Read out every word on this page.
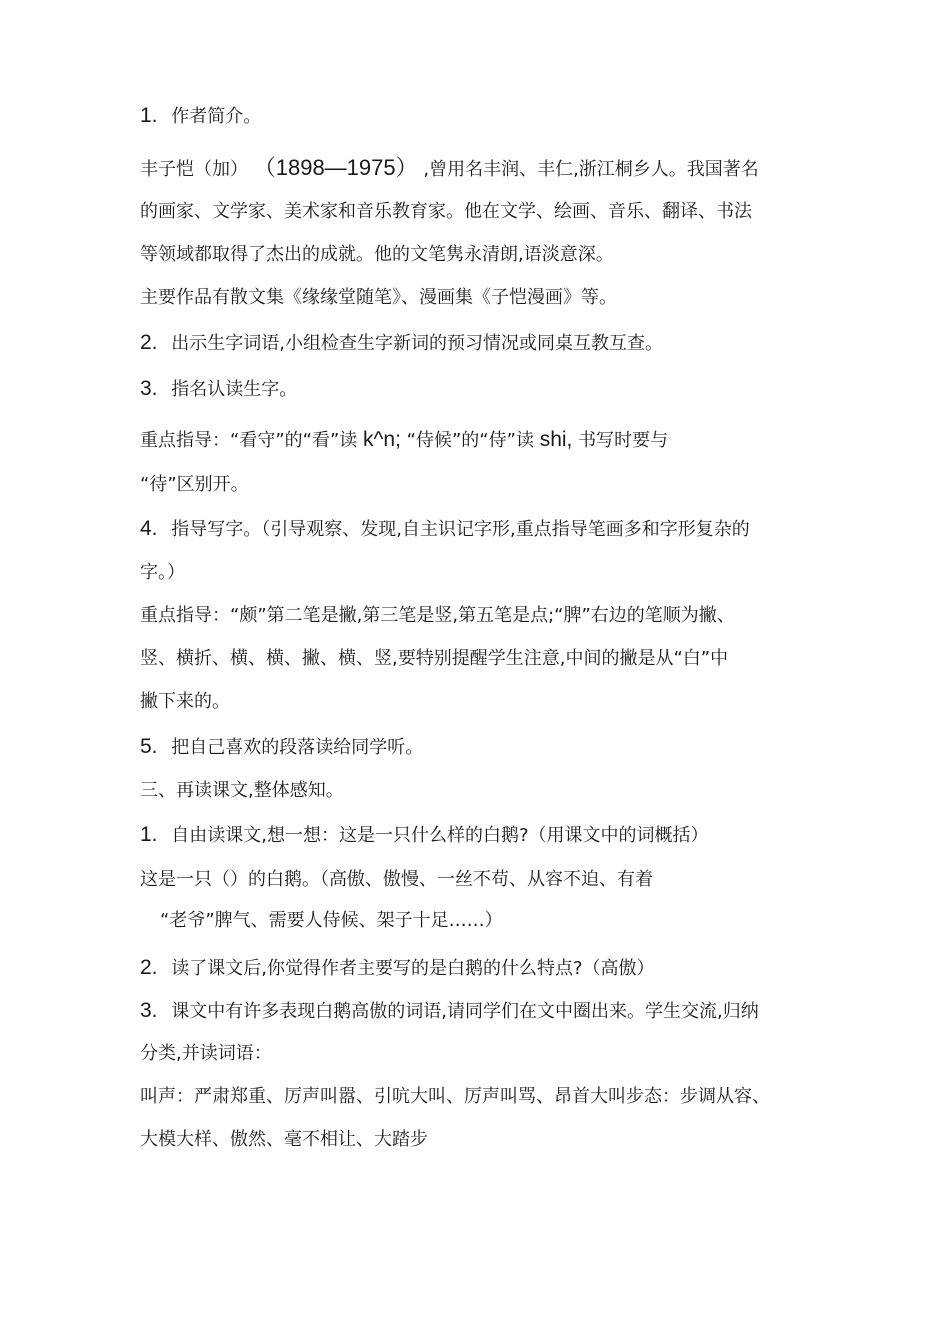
1. 作者简介。
丰子恺（加） （1898—1975） ,曾用名丰润、丰仁,浙江桐乡人。我国著名
的画家、文学家、美术家和音乐教育家。他在文学、绘画、音乐、翻译、书法
等领域都取得了杰出的成就。他的文笔隽永清朗,语淡意深。
主要作品有散文集《缘缘堂随笔》、漫画集《子恺漫画》等。
2. 出示生字词语,小组检查生字新词的预习情况或同桌互教互查。
3. 指名认读生字。
重点指导：“看守”的“看”读 k^n; “侍候”的“侍”读 shi, 书写时要与
“待”区别开。
4. 指导写字。（引导观察、发现,自主识记字形,重点指导笔画多和字形复杂的
字。）
重点指导：“颇”第二笔是撇,第三笔是竖,第五笔是点;“脾”右边的笔顺为撇、
竖、横折、横、横、撇、横、竖,要特别提醒学生注意,中间的撇是从“白”中
撇下来的。
5. 把自己喜欢的段落读给同学听。
三、再读课文,整体感知。
1. 自由读课文,想一想：这是一只什么样的白鹅?（用课文中的词概括）
这是一只（）的白鹅。（高傲、傲慢、一丝不苟、从容不迫、有着
“老爷”脾气、需要人侍候、架子十足……）
2. 读了课文后,你觉得作者主要写的是白鹅的什么特点?（高傲）
3. 课文中有许多表现白鹅高傲的词语,请同学们在文中圈出来。学生交流,归纳
分类,并读词语：
叫声：严肃郑重、厉声叫嚣、引吭大叫、厉声叫骂、昂首大叫步态：步调从容、
大模大样、傲然、毫不相让、大踏步
